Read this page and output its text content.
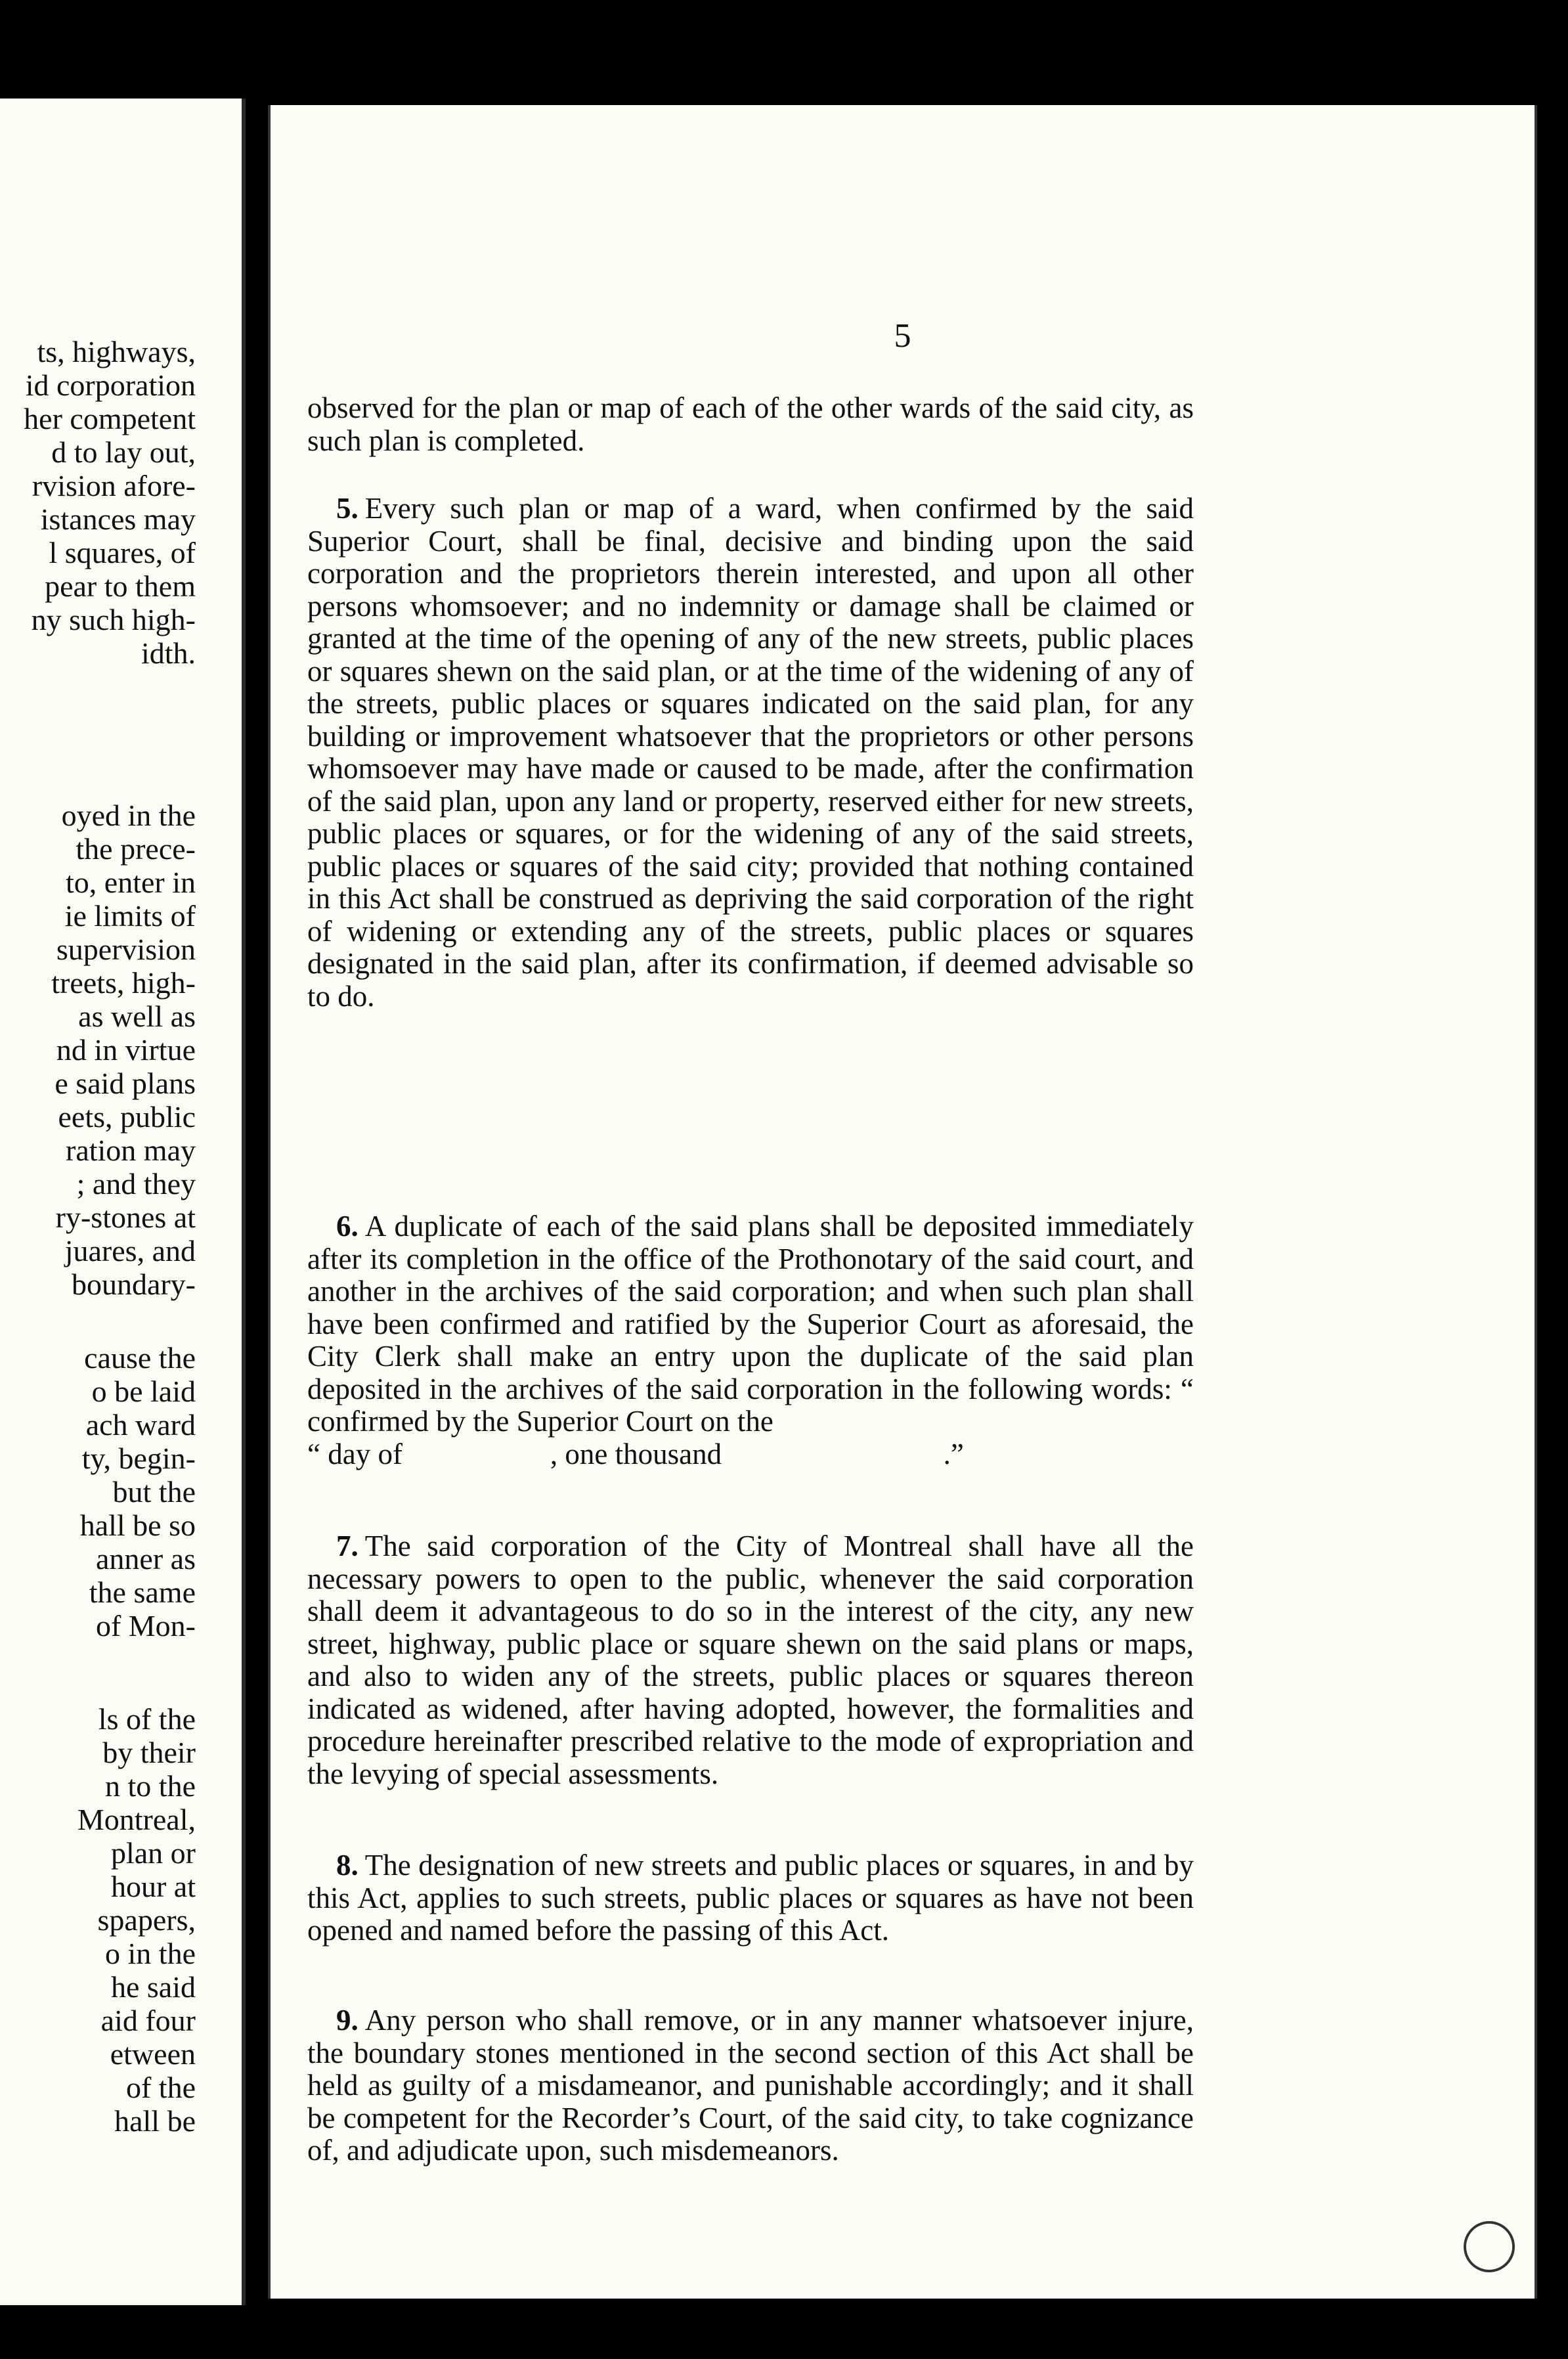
ts, highways,
id corporation
her competent
d to lay out,
rvision afore-
istances may
l squares, of
pear to them
ny such high-
idth.
oyed in the
the prece-
to, enter in
ie limits of
supervision
treets, high-
as well as
nd in virtue
e said plans
eets, public
ration may
; and they
ry-stones at
juares, and
boundary-
cause the
o be laid
ach ward
ty, begin-
but the
hall be so
anner as
the same
of Mon-
ls of the
by their
n to the
Montreal,
plan or
hour at
spapers,
o in the
he said
aid four
etween
of the
hall be
5
observed for the plan or map of each of the other wards of the said city, as such plan is completed.
5. Every such plan or map of a ward, when confirmed by the said Superior Court, shall be final, decisive and binding upon the said corporation and the proprietors therein interested, and upon all other persons whomsoever; and no indemnity or damage shall be claimed or granted at the time of the opening of any of the new streets, public places or squares shewn on the said plan, or at the time of the widening of any of the streets, public places or squares indicated on the said plan, for any building or improvement whatsoever that the proprietors or other persons whomsoever may have made or caused to be made, after the confirmation of the said plan, upon any land or property, reserved either for new streets, public places or squares, or for the widening of any of the said streets, public places or squares of the said city; provided that nothing contained in this Act shall be construed as depriving the said corporation of the right of widening or extending any of the streets, public places or squares designated in the said plan, after its confirmation, if deemed advisable so to do.
6. A duplicate of each of the said plans shall be deposited immediately after its completion in the office of the Prothonotary of the said court, and another in the archives of the said corporation; and when such plan shall have been confirmed and ratified by the Superior Court as aforesaid, the City Clerk shall make an entry upon the duplicate of the said plan deposited in the archives of the said corporation in the following words: “ confirmed by the Superior Court on the
“ day of                    , one thousand                              .”
7. The said corporation of the City of Montreal shall have all the necessary powers to open to the public, whenever the said corporation shall deem it advantageous to do so in the interest of the city, any new street, highway, public place or square shewn on the said plans or maps, and also to widen any of the streets, public places or squares thereon indicated as widened, after having adopted, however, the formalities and procedure hereinafter prescribed relative to the mode of expropriation and the levying of special assessments.
8. The designation of new streets and public places or squares, in and by this Act, applies to such streets, public places or squares as have not been opened and named before the passing of this Act.
9. Any person who shall remove, or in any manner whatsoever injure, the boundary stones mentioned in the second section of this Act shall be held as guilty of a misdameanor, and punishable accordingly; and it shall be competent for the Recorder’s Court, of the said city, to take cognizance of, and adjudicate upon, such misdemeanors.
